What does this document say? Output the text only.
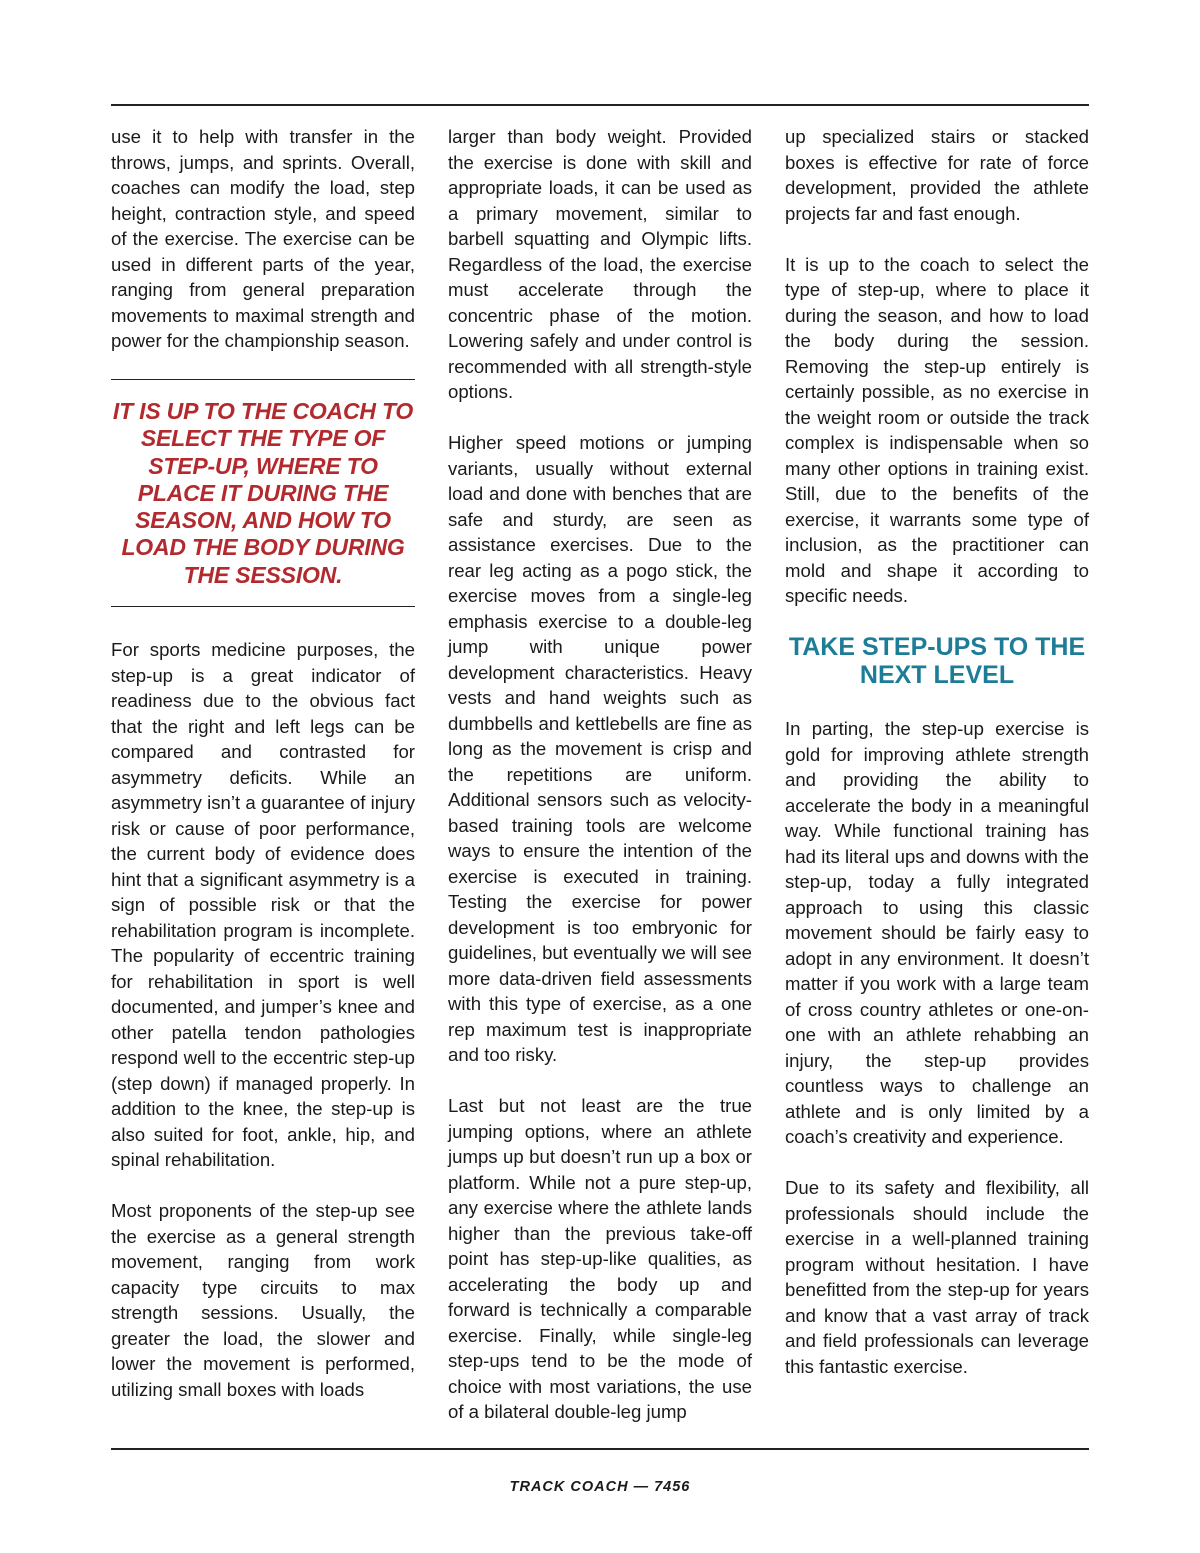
use it to help with transfer in the throws, jumps, and sprints. Overall, coaches can modify the load, step height, contraction style, and speed of the exercise. The exercise can be used in different parts of the year, ranging from general preparation movements to maximal strength and power for the championship season.

IT IS UP TO THE COACH TO SELECT THE TYPE OF STEP-UP, WHERE TO PLACE IT DURING THE SEASON, AND HOW TO LOAD THE BODY DURING THE SESSION.

For sports medicine purposes, the step-up is a great indicator of readiness due to the obvious fact that the right and left legs can be compared and contrasted for asymmetry deficits. While an asymmetry isn’t a guarantee of injury risk or cause of poor performance, the current body of evidence does hint that a significant asymmetry is a sign of possible risk or that the rehabilitation program is incomplete. The popularity of eccentric training for rehabilitation in sport is well documented, and jumper’s knee and other patella tendon pathologies respond well to the eccentric step-up (step down) if managed properly. In addition to the knee, the step-up is also suited for foot, ankle, hip, and spinal rehabilitation.

Most proponents of the step-up see the exercise as a general strength movement, ranging from work capacity type circuits to max strength sessions. Usually, the greater the load, the slower and lower the movement is performed, utilizing small boxes with loads

larger than body weight. Provided the exercise is done with skill and appropriate loads, it can be used as a primary movement, similar to barbell squatting and Olympic lifts. Regardless of the load, the exercise must accelerate through the concentric phase of the motion. Lowering safely and under control is recommended with all strength-style options.

Higher speed motions or jumping variants, usually without external load and done with benches that are safe and sturdy, are seen as assistance exercises. Due to the rear leg acting as a pogo stick, the exercise moves from a single-leg emphasis exercise to a double-leg jump with unique power development characteristics. Heavy vests and hand weights such as dumbbells and kettlebells are fine as long as the movement is crisp and the repetitions are uniform. Additional sensors such as velocity-based training tools are welcome ways to ensure the intention of the exercise is executed in training. Testing the exercise for power development is too embryonic for guidelines, but eventually we will see more data-driven field assessments with this type of exercise, as a one rep maximum test is inappropriate and too risky.

Last but not least are the true jumping options, where an athlete jumps up but doesn’t run up a box or platform. While not a pure step-up, any exercise where the athlete lands higher than the previous take-off point has step-up-like qualities, as accelerating the body up and forward is technically a comparable exercise. Finally, while single-leg step-ups tend to be the mode of choice with most variations, the use of a bilateral double-leg jump

up specialized stairs or stacked boxes is effective for rate of force development, provided the athlete projects far and fast enough.

It is up to the coach to select the type of step-up, where to place it during the season, and how to load the body during the session. Removing the step-up entirely is certainly possible, as no exercise in the weight room or outside the track complex is indispensable when so many other options in training exist. Still, due to the benefits of the exercise, it warrants some type of inclusion, as the practitioner can mold and shape it according to specific needs.

TAKE STEP-UPS TO THE NEXT LEVEL

In parting, the step-up exercise is gold for improving athlete strength and providing the ability to accelerate the body in a meaningful way. While functional training has had its literal ups and downs with the step-up, today a fully integrated approach to using this classic movement should be fairly easy to adopt in any environment. It doesn’t matter if you work with a large team of cross country athletes or one-on-one with an athlete rehabbing an injury, the step-up provides countless ways to challenge an athlete and is only limited by a coach’s creativity and experience.

Due to its safety and flexibility, all professionals should include the exercise in a well-planned training program without hesitation. I have benefitted from the step-up for years and know that a vast array of track and field professionals can leverage this fantastic exercise.

TRACK COACH — 7456
